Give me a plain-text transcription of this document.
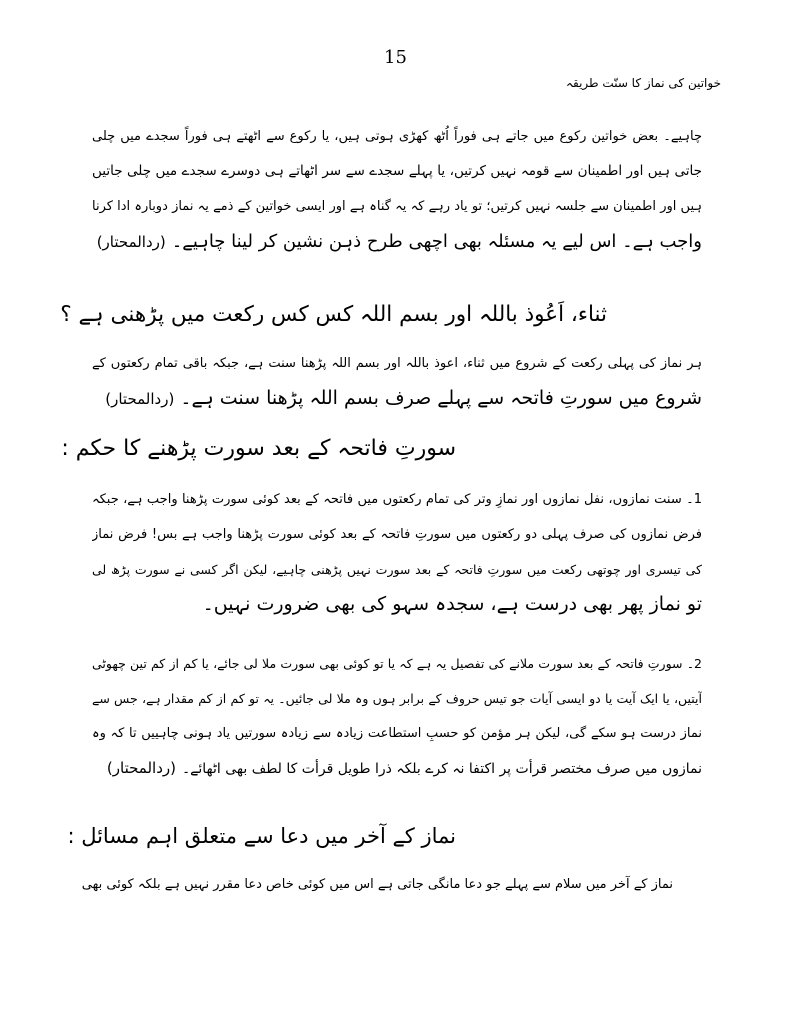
15
خواتین کی نماز کا سنّت طریقہ

چاہیے۔ بعض خواتین رکوع میں جاتے ہی فوراً اُٹھ کھڑی ہوتی ہیں، یا رکوع سے اٹھتے ہی فوراً سجدے میں چلی

جاتی ہیں اور اطمینان سے قومہ نہیں کرتیں، یا پہلے سجدے سے سر اٹھاتے ہی دوسرے سجدے میں چلی جاتیں

ہیں اور اطمینان سے جلسہ نہیں کرتیں؛ تو یاد رہے کہ یہ گناہ ہے اور ایسی خواتین کے ذمے یہ نماز دوبارہ ادا کرنا

واجب ہے۔ اس لیے یہ مسئلہ بھی اچھی طرح ذہن نشین کر لینا چاہیے۔(ردالمحتار)

ثناء، اَعُوذ باللہ اور بسم اللہ کس کس رکعت میں پڑھنی ہے ؟

ہر نماز کی پہلی رکعت کے شروع میں ثناء، اعوذ باللہ اور بسم اللہ پڑھنا سنت ہے، جبکہ باقی تمام رکعتوں کے

شروع میں سورتِ فاتحہ سے پہلے صرف بسم اللہ پڑھنا سنت ہے۔(ردالمحتار)

سورتِ فاتحہ کے بعد سورت پڑھنے کا حکم :

1۔ سنت نمازوں، نفل نمازوں اور نمازِ وتر کی تمام رکعتوں میں فاتحہ کے بعد کوئی سورت پڑھنا واجب ہے، جبکہ

فرض نمازوں کی صرف پہلی دو رکعتوں میں سورتِ فاتحہ کے بعد کوئی سورت پڑھنا واجب ہے بس! فرض نماز

کی تیسری اور چوتھی رکعت میں سورتِ فاتحہ کے بعد سورت نہیں پڑھنی چاہیے، لیکن اگر کسی نے سورت پڑھ لی

تو نماز پھر بھی درست ہے، سجدہ سہو کی بھی ضرورت نہیں۔

2۔ سورتِ فاتحہ کے بعد سورت ملانے کی تفصیل یہ ہے کہ یا تو کوئی بھی سورت ملا لی جائے، یا کم از کم تین چھوٹی

آیتیں، یا ایک آیت یا دو ایسی آیات جو تیس حروف کے برابر ہوں وہ ملا لی جائیں۔ یہ تو کم از کم مقدار ہے، جس سے

نماز درست ہو سکے گی، لیکن ہر مؤمن کو حسبِ استطاعت زیادہ سے زیادہ سورتیں یاد ہونی چاہییں تا کہ وہ

نمازوں میں صرف مختصر قرأت پر اکتفا نہ کرے بلکہ ذرا طویل قرأت کا لطف بھی اٹھائے۔(ردالمحتار)

نماز کے آخر میں دعا سے متعلق اہم مسائل :

نماز کے آخر میں سلام سے پہلے جو دعا مانگی جاتی ہے اس میں کوئی خاص دعا مقرر نہیں ہے بلکہ کوئی بھی
